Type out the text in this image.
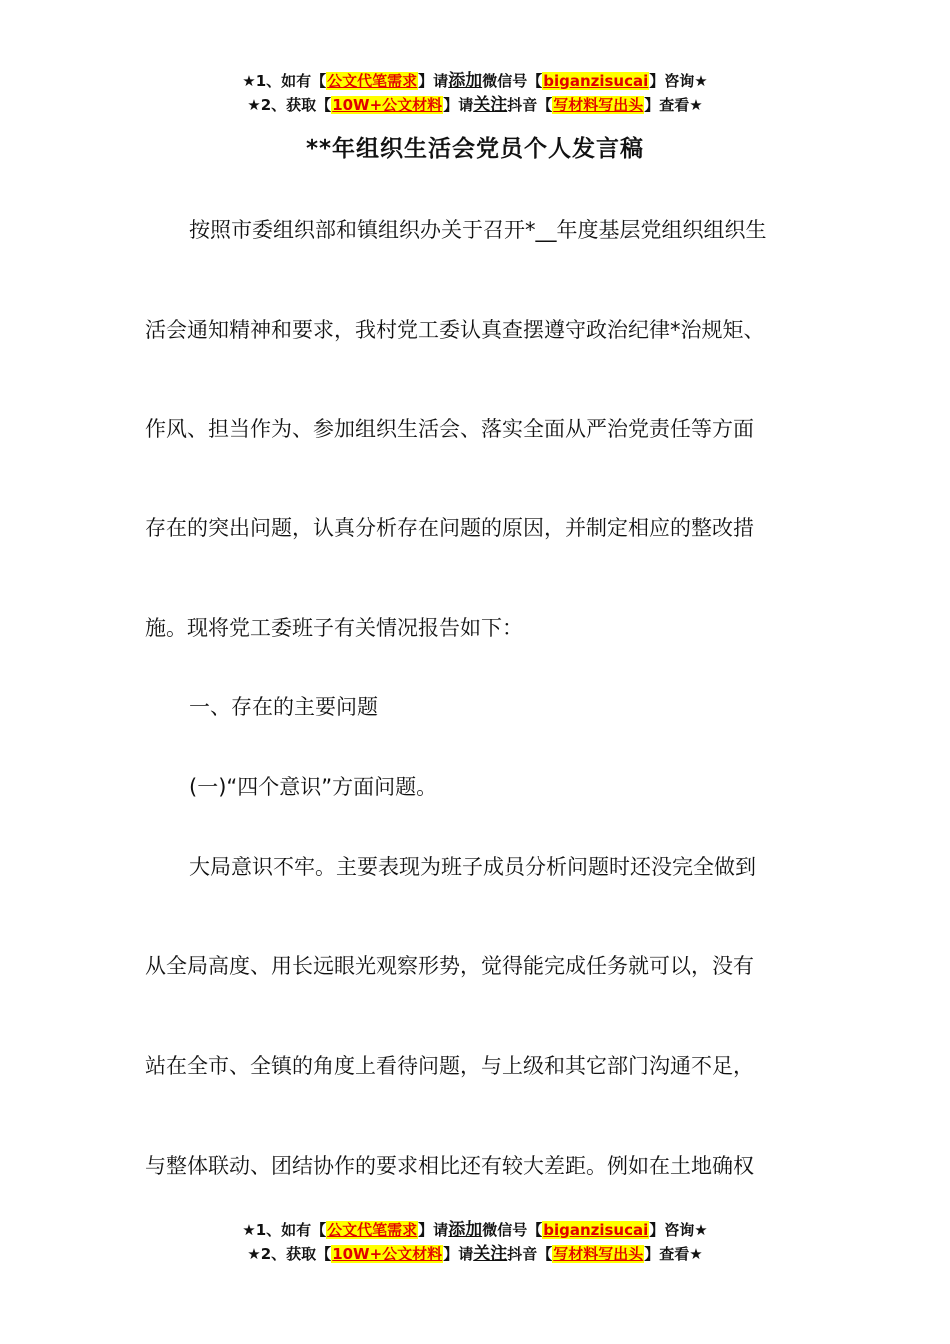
★1、如有【公文代笔需求】请添加微信号【biganzisucai】咨询★
★2、获取【10W+公文材料】请关注抖音【写材料写出头】查看★
**年组织生活会党员个人发言稿

按照市委组织部和镇组织办关于召开*__年度基层党组织组织生

活会通知精神和要求，我村党工委认真查摆遵守政治纪律*治规矩、

作风、担当作为、参加组织生活会、落实全面从严治党责任等方面

存在的突出问题，认真分析存在问题的原因，并制定相应的整改措

施。现将党工委班子有关情况报告如下：

一、存在的主要问题

(一)“四个意识”方面问题。

大局意识不牢。主要表现为班子成员分析问题时还没完全做到

从全局高度、用长远眼光观察形势，觉得能完成任务就可以，没有

站在全市、全镇的角度上看待问题，与上级和其它部门沟通不足，

与整体联动、团结协作的要求相比还有较大差距。例如在土地确权

★1、如有【公文代笔需求】请添加微信号【biganzisucai】咨询★
★2、获取【10W+公文材料】请关注抖音【写材料写出头】查看★
